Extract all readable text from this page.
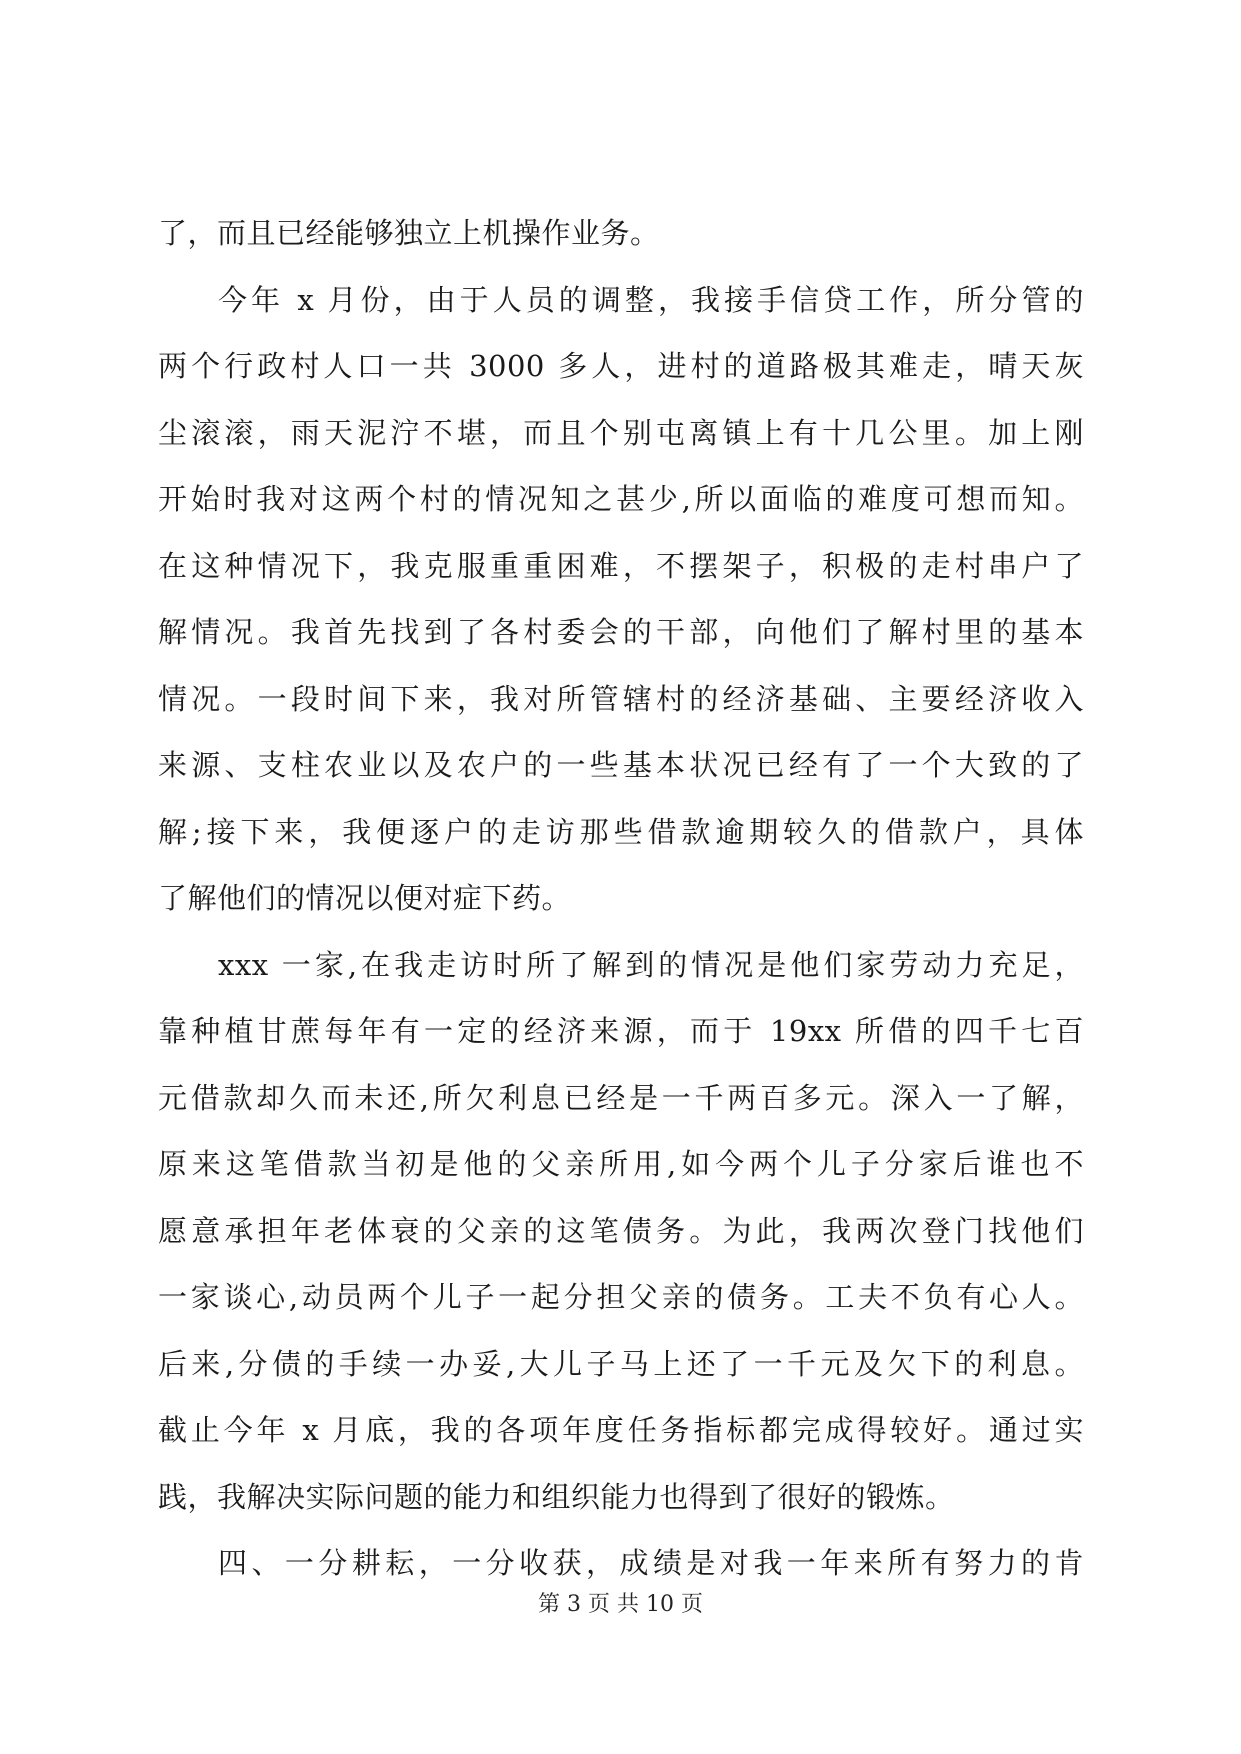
了，而且已经能够独立上机操作业务。
今年 x 月份，由于人员的调整，我接手信贷工作，所分管的
两个行政村人口一共 3000 多人，进村的道路极其难走，晴天灰
尘滚滚，雨天泥泞不堪，而且个别屯离镇上有十几公里。加上刚
开始时我对这两个村的情况知之甚少,所以面临的难度可想而知。
在这种情况下，我克服重重困难，不摆架子，积极的走村串户了
解情况。我首先找到了各村委会的干部，向他们了解村里的基本
情况。一段时间下来，我对所管辖村的经济基础、主要经济收入
来源、支柱农业以及农户的一些基本状况已经有了一个大致的了
解;接下来，我便逐户的走访那些借款逾期较久的借款户，具体
了解他们的情况以便对症下药。
xxx 一家,在我走访时所了解到的情况是他们家劳动力充足，
靠种植甘蔗每年有一定的经济来源，而于 19xx 所借的四千七百
元借款却久而未还,所欠利息已经是一千两百多元。深入一了解，
原来这笔借款当初是他的父亲所用,如今两个儿子分家后谁也不
愿意承担年老体衰的父亲的这笔债务。为此，我两次登门找他们
一家谈心,动员两个儿子一起分担父亲的债务。工夫不负有心人。
后来,分债的手续一办妥,大儿子马上还了一千元及欠下的利息。
截止今年 x 月底，我的各项年度任务指标都完成得较好。通过实
践，我解决实际问题的能力和组织能力也得到了很好的锻炼。
四、一分耕耘，一分收获，成绩是对我一年来所有努力的肯
第 3 页 共 10 页
